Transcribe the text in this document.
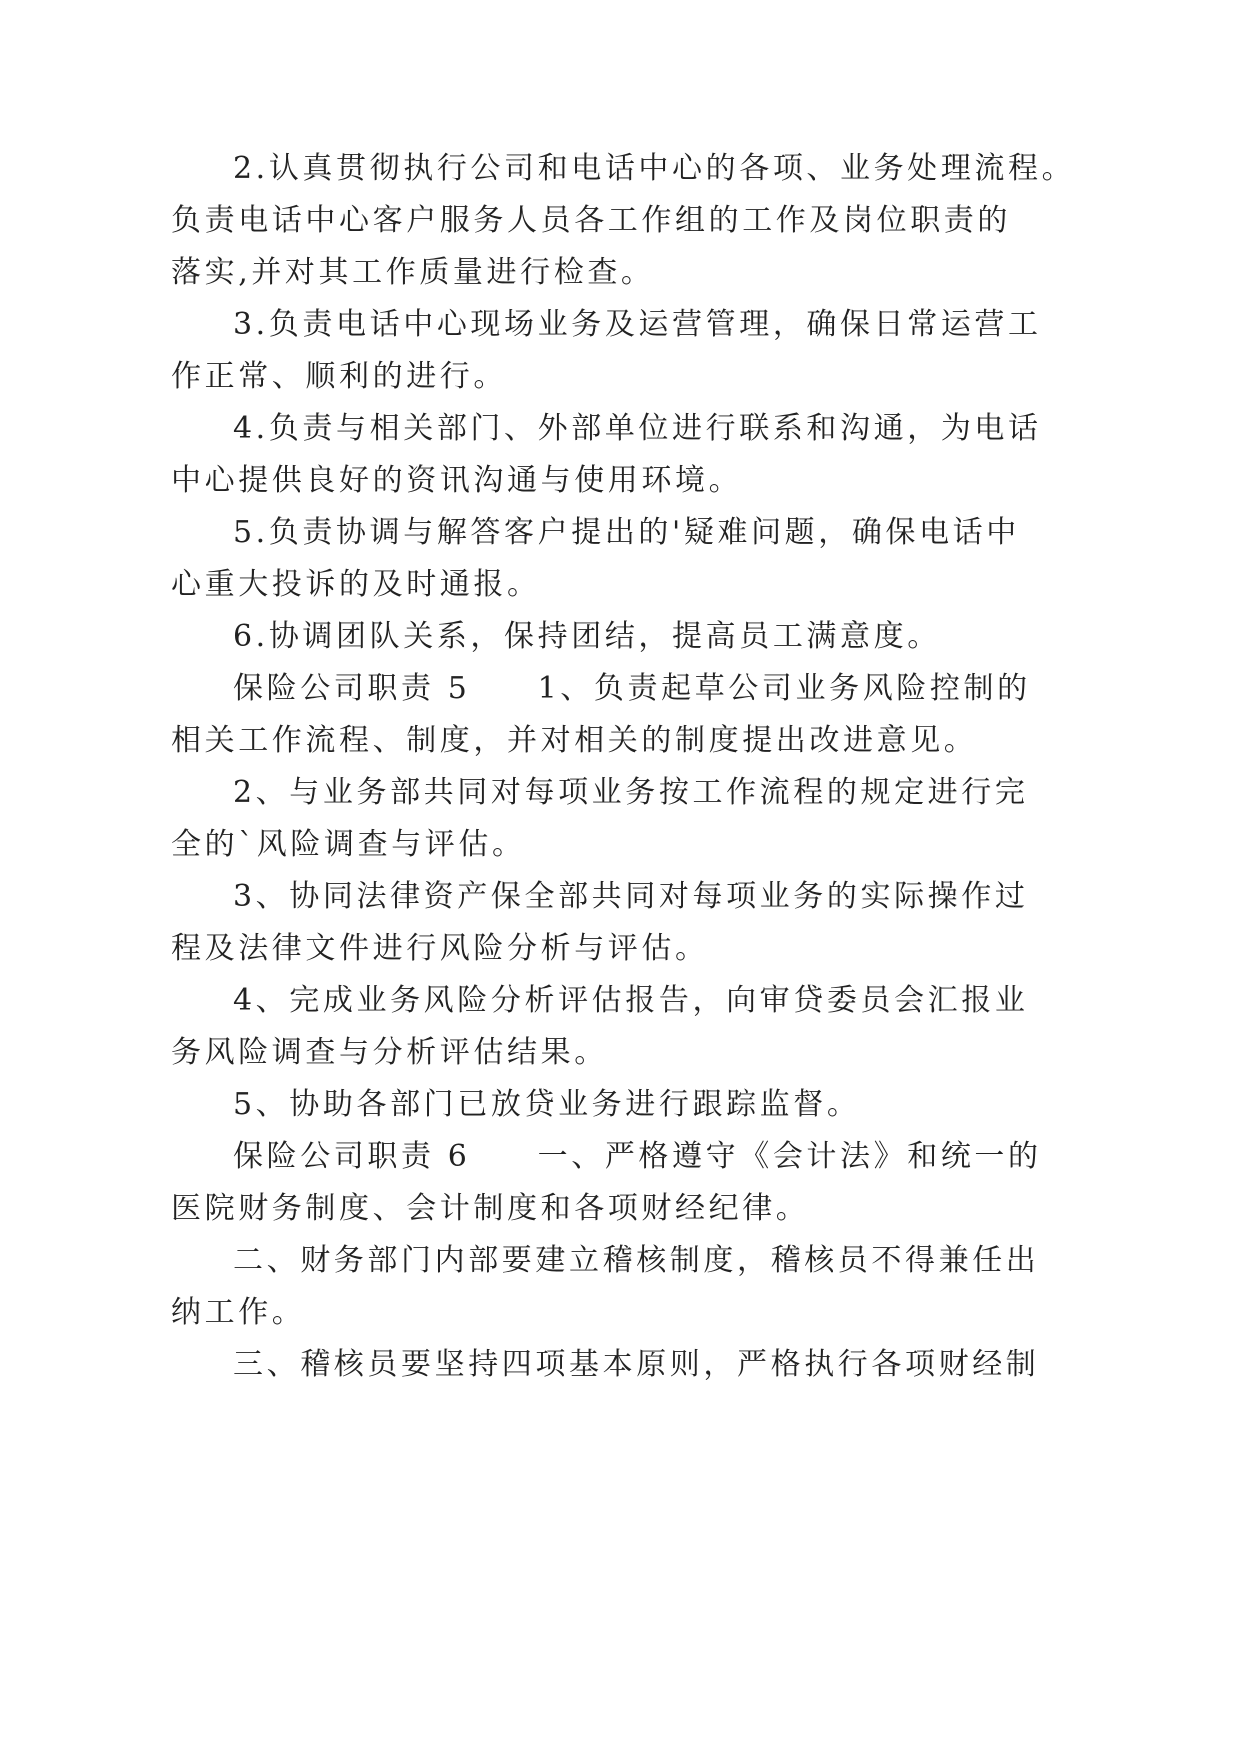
2.认真贯彻执行公司和电话中心的各项、业务处理流程。
负责电话中心客户服务人员各工作组的工作及岗位职责的
落实,并对其工作质量进行检查。
3.负责电话中心现场业务及运营管理，确保日常运营工
作正常、顺利的进行。
4.负责与相关部门、外部单位进行联系和沟通，为电话
中心提供良好的资讯沟通与使用环境。
5.负责协调与解答客户提出的'疑难问题，确保电话中
心重大投诉的及时通报。
6.协调团队关系，保持团结，提高员工满意度。
保险公司职责 5　　1、负责起草公司业务风险控制的
相关工作流程、制度，并对相关的制度提出改进意见。
2、与业务部共同对每项业务按工作流程的规定进行完
全的`风险调查与评估。
3、协同法律资产保全部共同对每项业务的实际操作过
程及法律文件进行风险分析与评估。
4、完成业务风险分析评估报告，向审贷委员会汇报业
务风险调查与分析评估结果。
5、协助各部门已放贷业务进行跟踪监督。
保险公司职责 6　　一、严格遵守《会计法》和统一的
医院财务制度、会计制度和各项财经纪律。
二、财务部门内部要建立稽核制度，稽核员不得兼任出
纳工作。
三、稽核员要坚持四项基本原则，严格执行各项财经制
